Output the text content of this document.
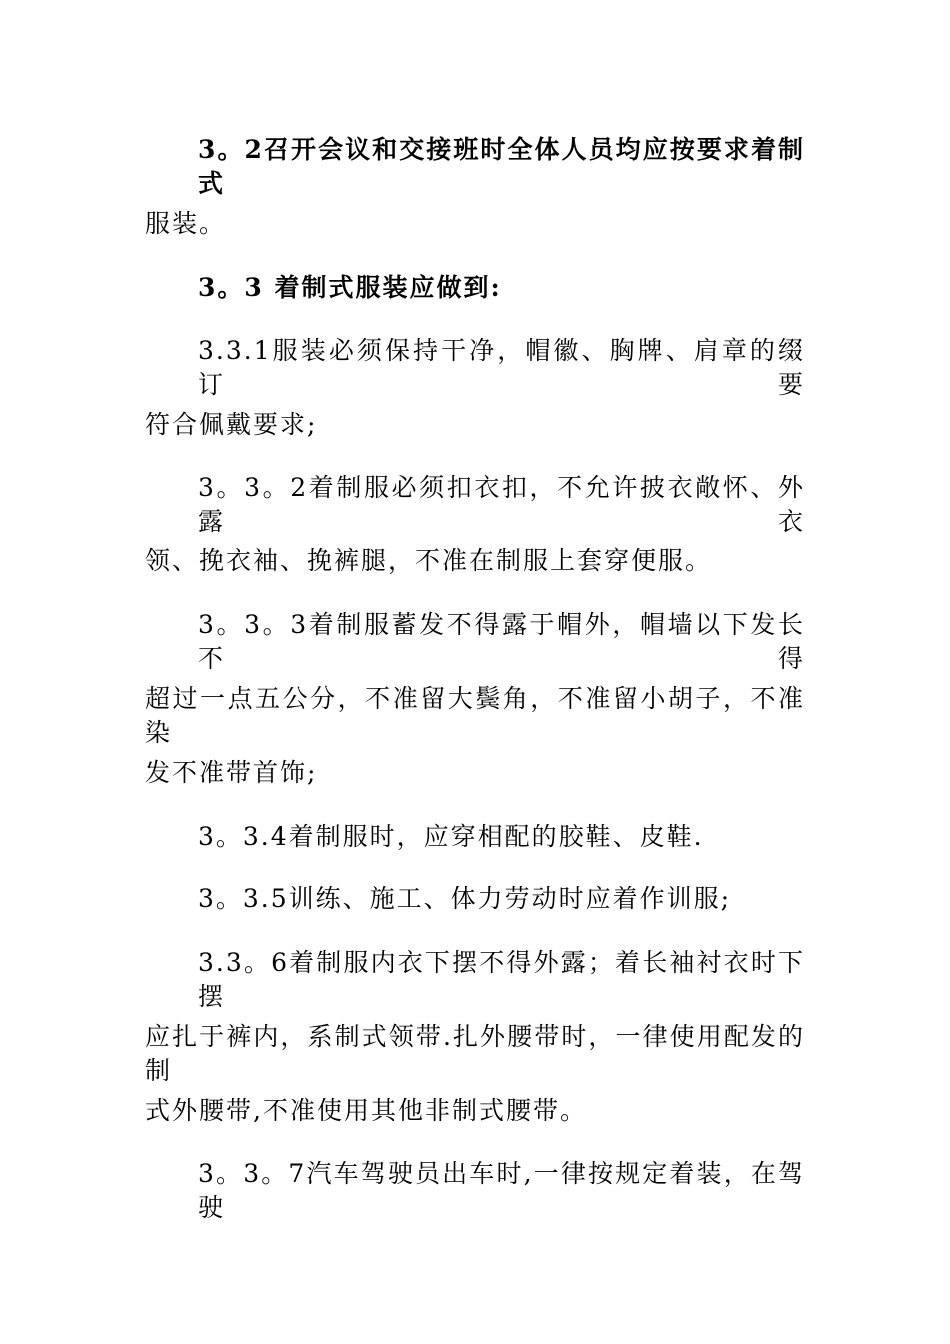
3。2召开会议和交接班时全体人员均应按要求着制式
服装。
3。3 着制式服装应做到:
3.3.1服装必须保持干净，帽徽、胸牌、肩章的缀订要
符合佩戴要求;
3。3。2着制服必须扣衣扣，不允许披衣敞怀、外露衣
领、挽衣袖、挽裤腿，不准在制服上套穿便服。
3。3。3着制服蓄发不得露于帽外，帽墙以下发长不得
超过一点五公分，不准留大鬓角，不准留小胡子，不准染
发不准带首饰;
3。3.4着制服时，应穿相配的胶鞋、皮鞋.
3。3.5训练、施工、体力劳动时应着作训服;
3.3。6着制服内衣下摆不得外露；着长袖衬衣时下摆
应扎于裤内，系制式领带.扎外腰带时，一律使用配发的制
式外腰带,不准使用其他非制式腰带。
3。3。7汽车驾驶员出车时,一律按规定着装，在驾驶
